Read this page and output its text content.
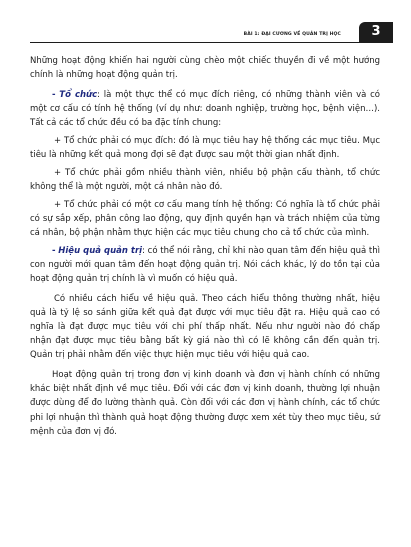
BÀI 1: ĐẠI CƯƠNG VỀ QUẢN TRỊ HỌC	3

Những hoạt động khiến hai người cùng chèo một chiếc thuyền đi về một hướng chính là những hoạt động quản trị.

- Tổ chức: là một thực thể có mục đích riêng, có những thành viên và có một cơ cấu có tính hệ thống (ví dụ như: doanh nghiệp, trường học, bệnh viện…). Tất cả các tổ chức đều có ba đặc tính chung:

+ Tổ chức phải có mục đích: đó là mục tiêu hay hệ thống các mục tiêu. Mục tiêu là những kết quả mong đợi sẽ đạt được sau một thời gian nhất định.

+ Tổ chức phải gồm nhiều thành viên, nhiều bộ phận cấu thành, tổ chức không thể là một người, một cá nhân nào đó.

+ Tổ chức phải có một cơ cấu mang tính hệ thống: Có nghĩa là tổ chức phải có sự sắp xếp, phân công lao động, quy định quyền hạn và trách nhiệm của từng cá nhân, bộ phận nhằm thực hiện các mục tiêu chung cho cả tổ chức của mình.

- Hiệu quả quản trị: có thể nói rằng, chỉ khi nào quan tâm đến hiệu quả thì con người mới quan tâm đến hoạt động quản trị. Nói cách khác, lý do tồn tại của hoạt động quản trị chính là vì muốn có hiệu quả.

Có nhiều cách hiểu về hiệu quả. Theo cách hiểu thông thường nhất, hiệu quả là tỷ lệ so sánh giữa kết quả đạt được với mục tiêu đặt ra. Hiệu quả cao có nghĩa là đạt được mục tiêu với chi phí thấp nhất. Nếu như người nào đó chấp nhận đạt được mục tiêu bằng bất kỳ giá nào thì có lẽ không cần đến quản trị. Quản trị phải nhằm đến việc thực hiện mục tiêu với hiệu quả cao.

Hoạt động quản trị trong đơn vị kinh doanh và đơn vị hành chính có những khác biệt nhất định về mục tiêu. Đối với các đơn vị kinh doanh, thường lợi nhuận được dùng để đo lường thành quả. Còn đối với các đơn vị hành chính, các tổ chức phi lợi nhuận thì thành quả hoạt động thường được xem xét tùy theo mục tiêu, sứ mệnh của đơn vị đó.
